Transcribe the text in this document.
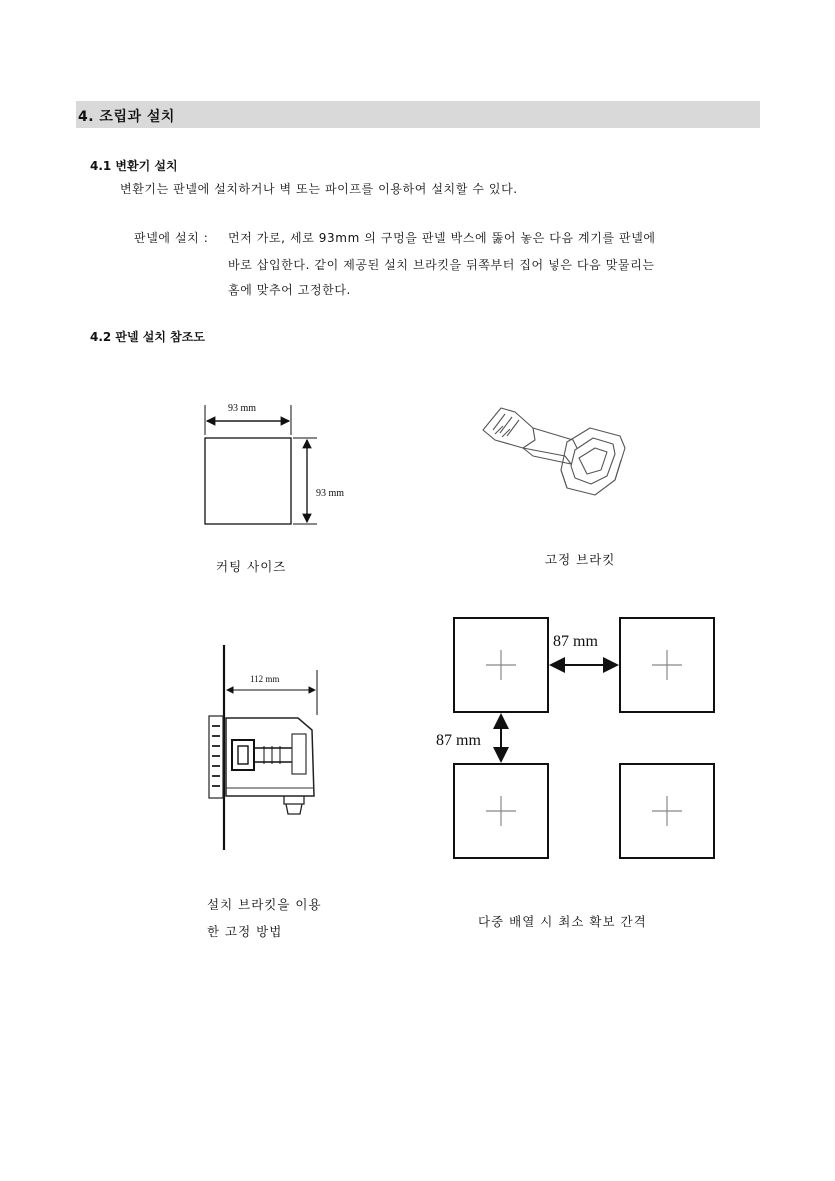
4. 조립과 설치
4.1 변환기 설치
변환기는 판넬에 설치하거나 벽 또는 파이프를 이용하여 설치할 수 있다.
판넬에 설치 : 먼저 가로, 세로 93mm 의 구멍을 판넬 박스에 뚫어 놓은 다음 계기를 판넬에
바로 삽입한다. 같이 제공된 설치 브라킷을 뒤쪽부터 집어 넣은 다음 맞물리는
홈에 맞추어 고정한다.
4.2 판넬 설치 참조도
93 mm
93 mm
커팅 사이즈	고정 브라킷
112 mm
설치 브라킷을 이용
한 고정 방법
87 mm
87 mm
다중 배열 시 최소 확보 간격
